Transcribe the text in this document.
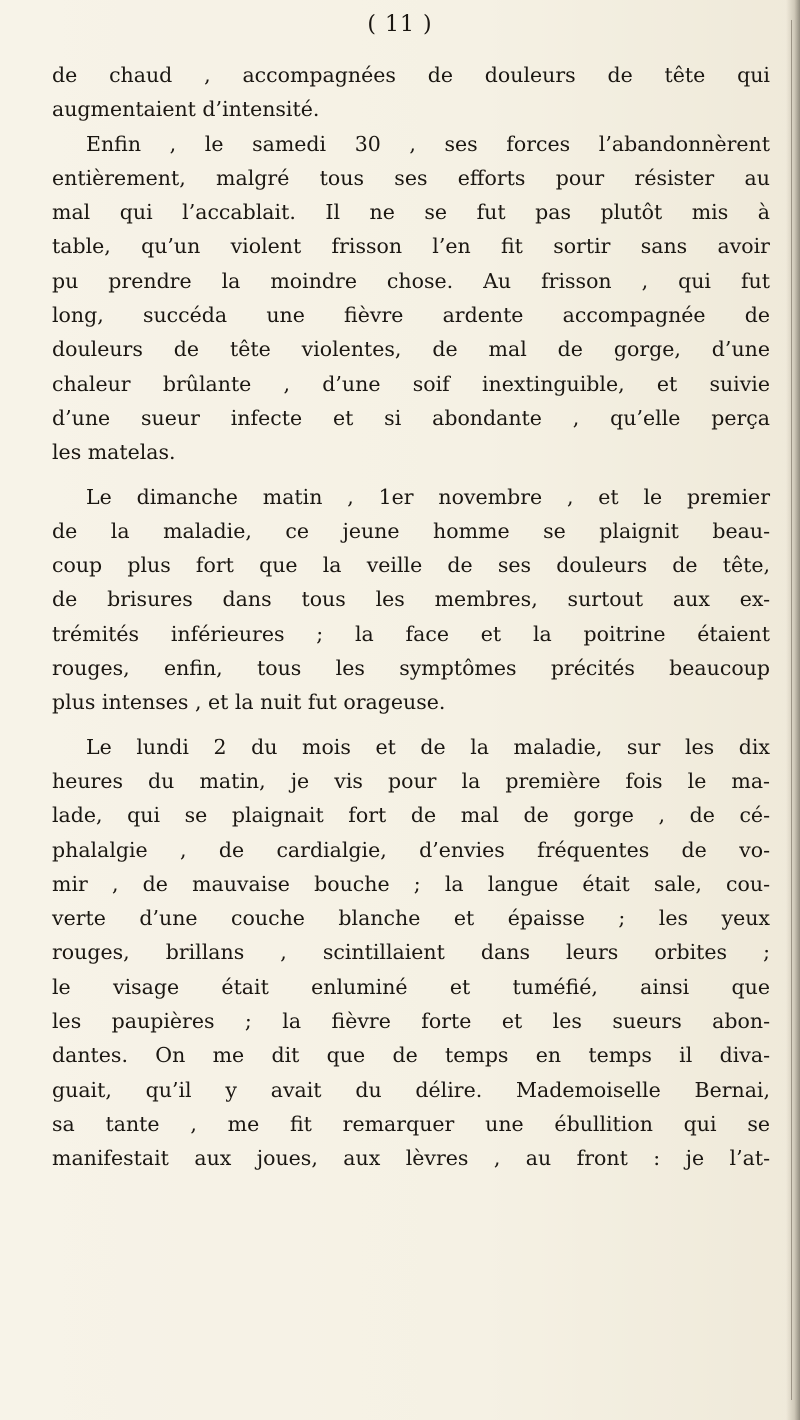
( 11 )
de chaud , accompagnées de douleurs de tête qui
augmentaient d’intensité.
Enfin , le samedi 30 , ses forces l’abandonnèrent
entièrement, malgré tous ses efforts pour résister au
mal qui l’accablait. Il ne se fut pas plutôt mis à
table, qu’un violent frisson l’en fit sortir sans avoir
pu prendre la moindre chose. Au frisson , qui fut
long, succéda une fièvre ardente accompagnée de
douleurs de tête violentes, de mal de gorge, d’une
chaleur brûlante , d’une soif inextinguible, et suivie
d’une sueur infecte et si abondante , qu’elle perça
les matelas.
Le dimanche matin , 1er novembre , et le premier
de la maladie, ce jeune homme se plaignit beau-
coup plus fort que la veille de ses douleurs de tête,
de brisures dans tous les membres, surtout aux ex-
trémités inférieures ; la face et la poitrine étaient
rouges, enfin, tous les symptômes précités beaucoup
plus intenses , et la nuit fut orageuse.
Le lundi 2 du mois et de la maladie, sur les dix
heures du matin, je vis pour la première fois le ma-
lade, qui se plaignait fort de mal de gorge , de cé-
phalalgie , de cardialgie, d’envies fréquentes de vo-
mir , de mauvaise bouche ; la langue était sale, cou-
verte d’une couche blanche et épaisse ; les yeux
rouges, brillans , scintillaient dans leurs orbites ;
le visage était enluminé et tuméfié, ainsi que
les paupières ; la fièvre forte et les sueurs abon-
dantes. On me dit que de temps en temps il diva-
guait, qu’il y avait du délire. Mademoiselle Bernai,
sa tante , me fit remarquer une ébullition qui se
manifestait aux joues, aux lèvres , au front : je l’at-
